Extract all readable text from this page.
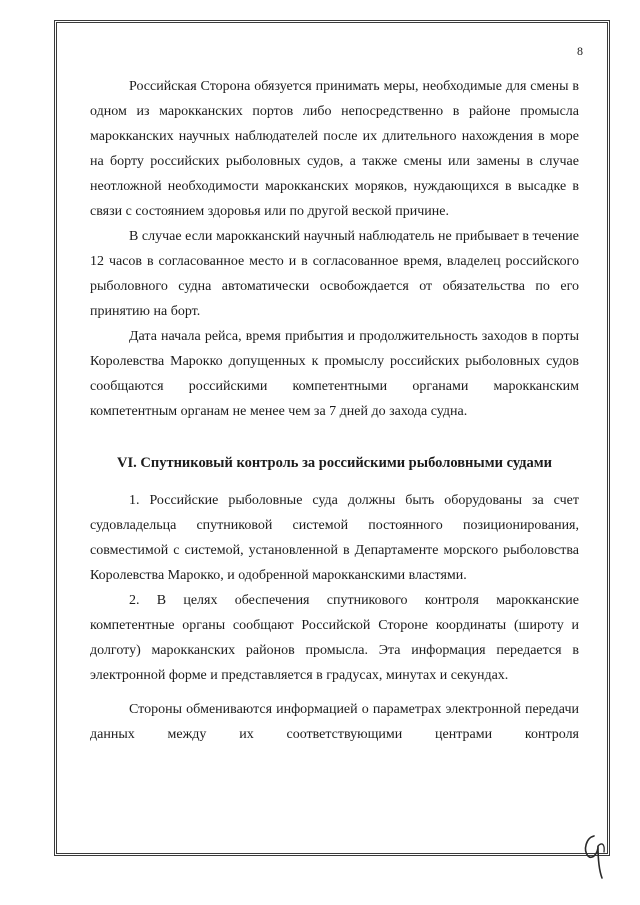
8

Российская Сторона обязуется принимать меры, необходимые для смены в одном из марокканских портов либо непосредственно в районе промысла марокканских научных наблюдателей после их длительного нахождения в море на борту российских рыболовных судов, а также смены или замены в случае неотложной необходимости марокканских моряков, нуждающихся в высадке в связи с состоянием здоровья или по другой веской причине.

В случае если марокканский научный наблюдатель не прибывает в течение 12 часов в согласованное место и в согласованное время, владелец российского рыболовного судна автоматически освобождается от обязательства по его принятию на борт.

Дата начала рейса, время прибытия и продолжительность заходов в порты Королевства Марокко допущенных к промыслу российских рыболовных судов сообщаются российскими компетентными органами марокканским компетентным органам не менее чем за 7 дней до захода судна.

VI. Спутниковый контроль за российскими рыболовными судами

1. Российские рыболовные суда должны быть оборудованы за счет судовладельца спутниковой системой постоянного позиционирования, совместимой с системой, установленной в Департаменте морского рыболовства Королевства Марокко, и одобренной марокканскими властями.

2. В целях обеспечения спутникового контроля марокканские компетентные органы сообщают Российской Стороне координаты (широту и долготу) марокканских районов промысла. Эта информация передается в электронной форме и представляется в градусах, минутах и секундах.

Стороны обмениваются информацией о параметрах электронной передачи данных между их соответствующими центрами контроля
